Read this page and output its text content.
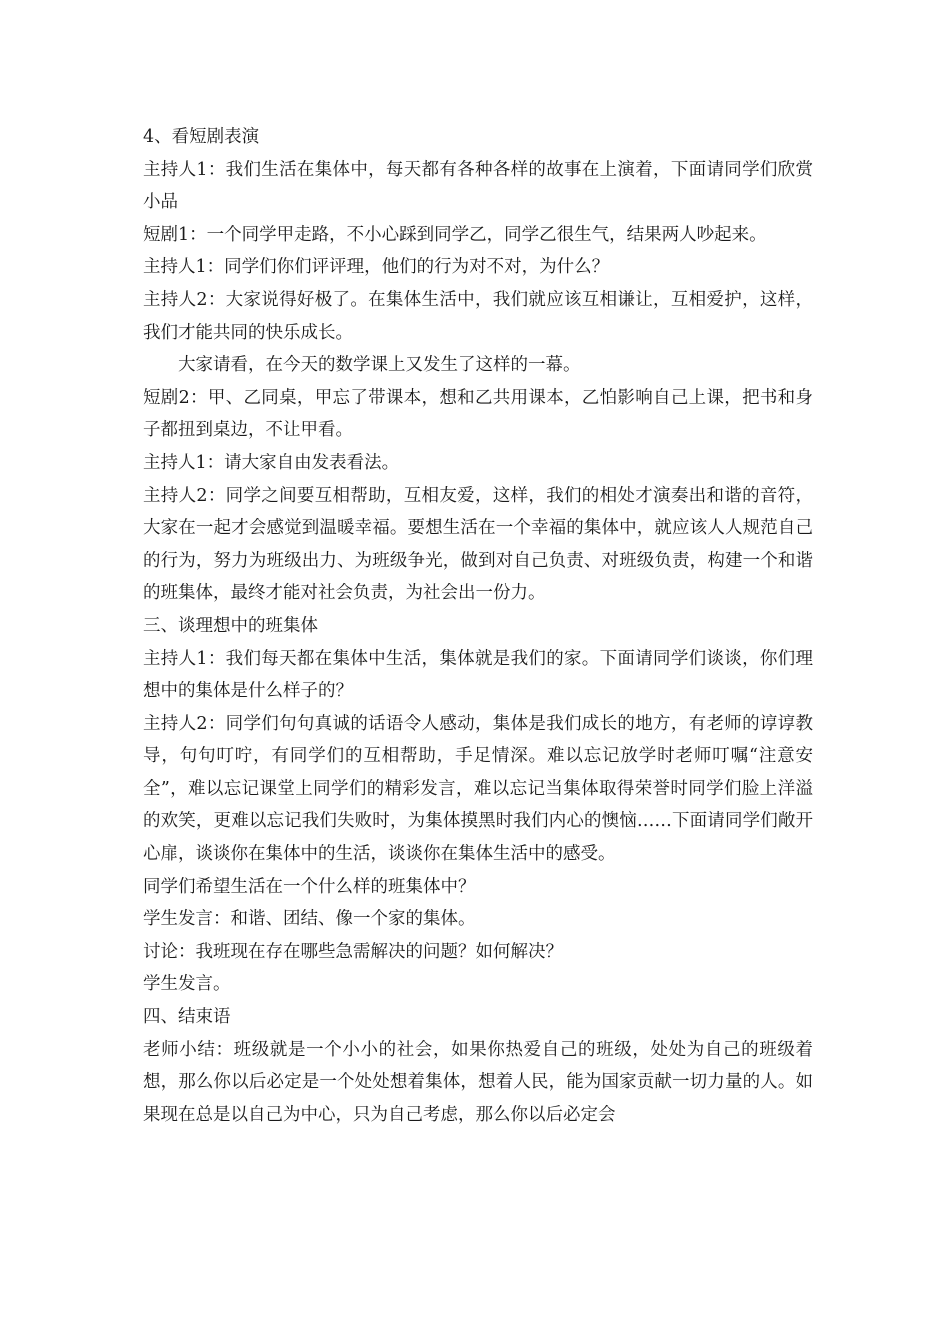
4、看短剧表演

主持人1：我们生活在集体中，每天都有各种各样的故事在上演着，下面请同学们欣赏小品

短剧1：一个同学甲走路，不小心踩到同学乙，同学乙很生气，结果两人吵起来。

主持人1：同学们你们评评理，他们的行为对不对，为什么？

主持人2：大家说得好极了。在集体生活中，我们就应该互相谦让，互相爱护，这样，我们才能共同的快乐成长。

大家请看，在今天的数学课上又发生了这样的一幕。

短剧2：甲、乙同桌，甲忘了带课本，想和乙共用课本，乙怕影响自己上课，把书和身子都扭到桌边，不让甲看。

主持人1：请大家自由发表看法。

主持人2：同学之间要互相帮助，互相友爱，这样，我们的相处才演奏出和谐的音符，大家在一起才会感觉到温暖幸福。要想生活在一个幸福的集体中，就应该人人规范自己的行为，努力为班级出力、为班级争光，做到对自己负责、对班级负责，构建一个和谐的班集体，最终才能对社会负责，为社会出一份力。

三、谈理想中的班集体

主持人1：我们每天都在集体中生活，集体就是我们的家。下面请同学们谈谈，你们理想中的集体是什么样子的？

主持人2：同学们句句真诚的话语令人感动，集体是我们成长的地方，有老师的谆谆教导，句句叮咛，有同学们的互相帮助，手足情深。难以忘记放学时老师叮嘱“注意安全”，难以忘记课堂上同学们的精彩发言，难以忘记当集体取得荣誉时同学们脸上洋溢的欢笑，更难以忘记我们失败时，为集体摸黑时我们内心的懊恼……下面请同学们敞开心扉，谈谈你在集体中的生活，谈谈你在集体生活中的感受。

同学们希望生活在一个什么样的班集体中？

学生发言：和谐、团结、像一个家的集体。

讨论：我班现在存在哪些急需解决的问题？如何解决？

学生发言。

四、结束语

老师小结：班级就是一个小小的社会，如果你热爱自己的班级，处处为自己的班级着想，那么你以后必定是一个处处想着集体，想着人民，能为国家贡献一切力量的人。如果现在总是以自己为中心，只为自己考虑，那么你以后必定会
